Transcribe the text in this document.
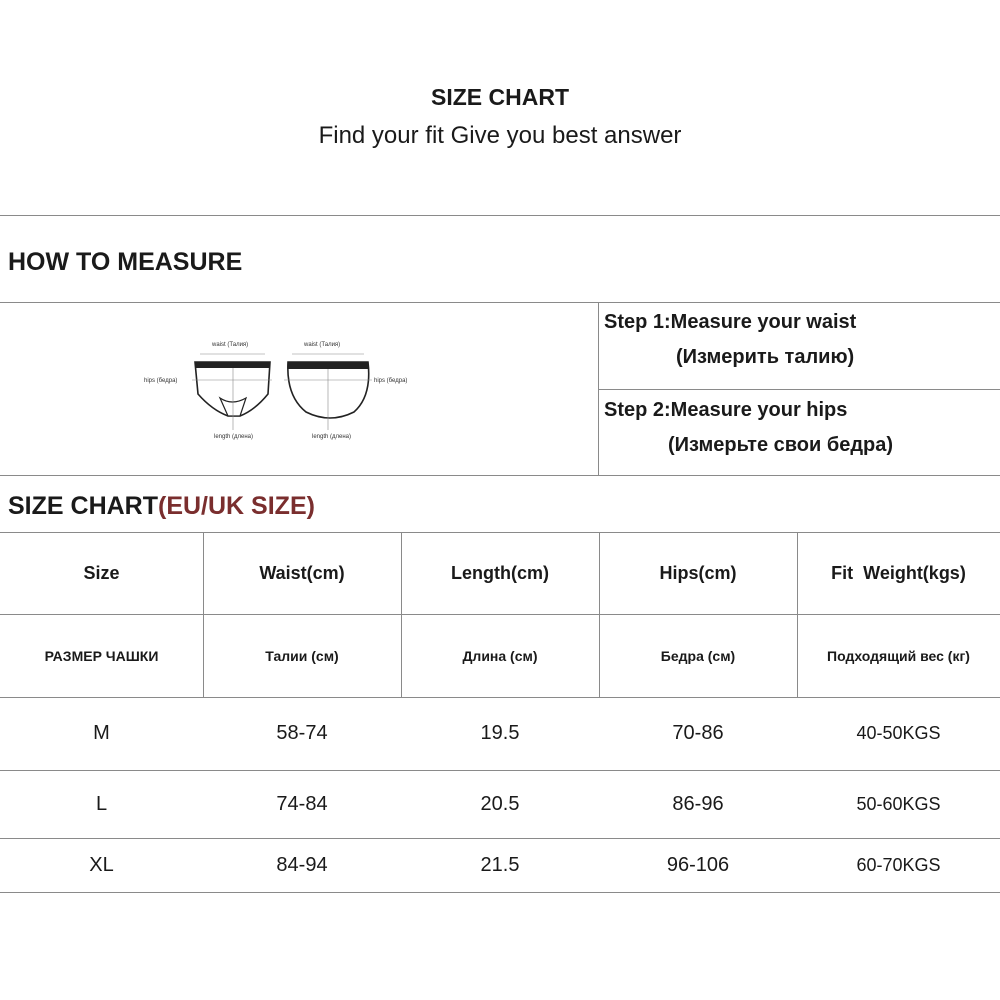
SIZE CHART
Find your fit Give you best answer
HOW TO MEASURE
waist (Талия)
hips (бедра)
length (длена)
waist (Талия)
hips (бедра)
length (длена)
Step 1:Measure your waist
(Измерить талию)
Step 2:Measure your hips
(Измерьте свои бедра)
SIZE CHART(EU/UK SIZE)
Size	Waist(cm)	Length(cm)	Hips(cm)	Fit  Weight(kgs)
РАЗМЕР ЧАШКИ	Талии (см)	Длина (см)	Бедра (см)	Подходящий вес (кг)
M	58-74	19.5	70-86	40-50KGS
L	74-84	20.5	86-96	50-60KGS
XL	84-94	21.5	96-106	60-70KGS
